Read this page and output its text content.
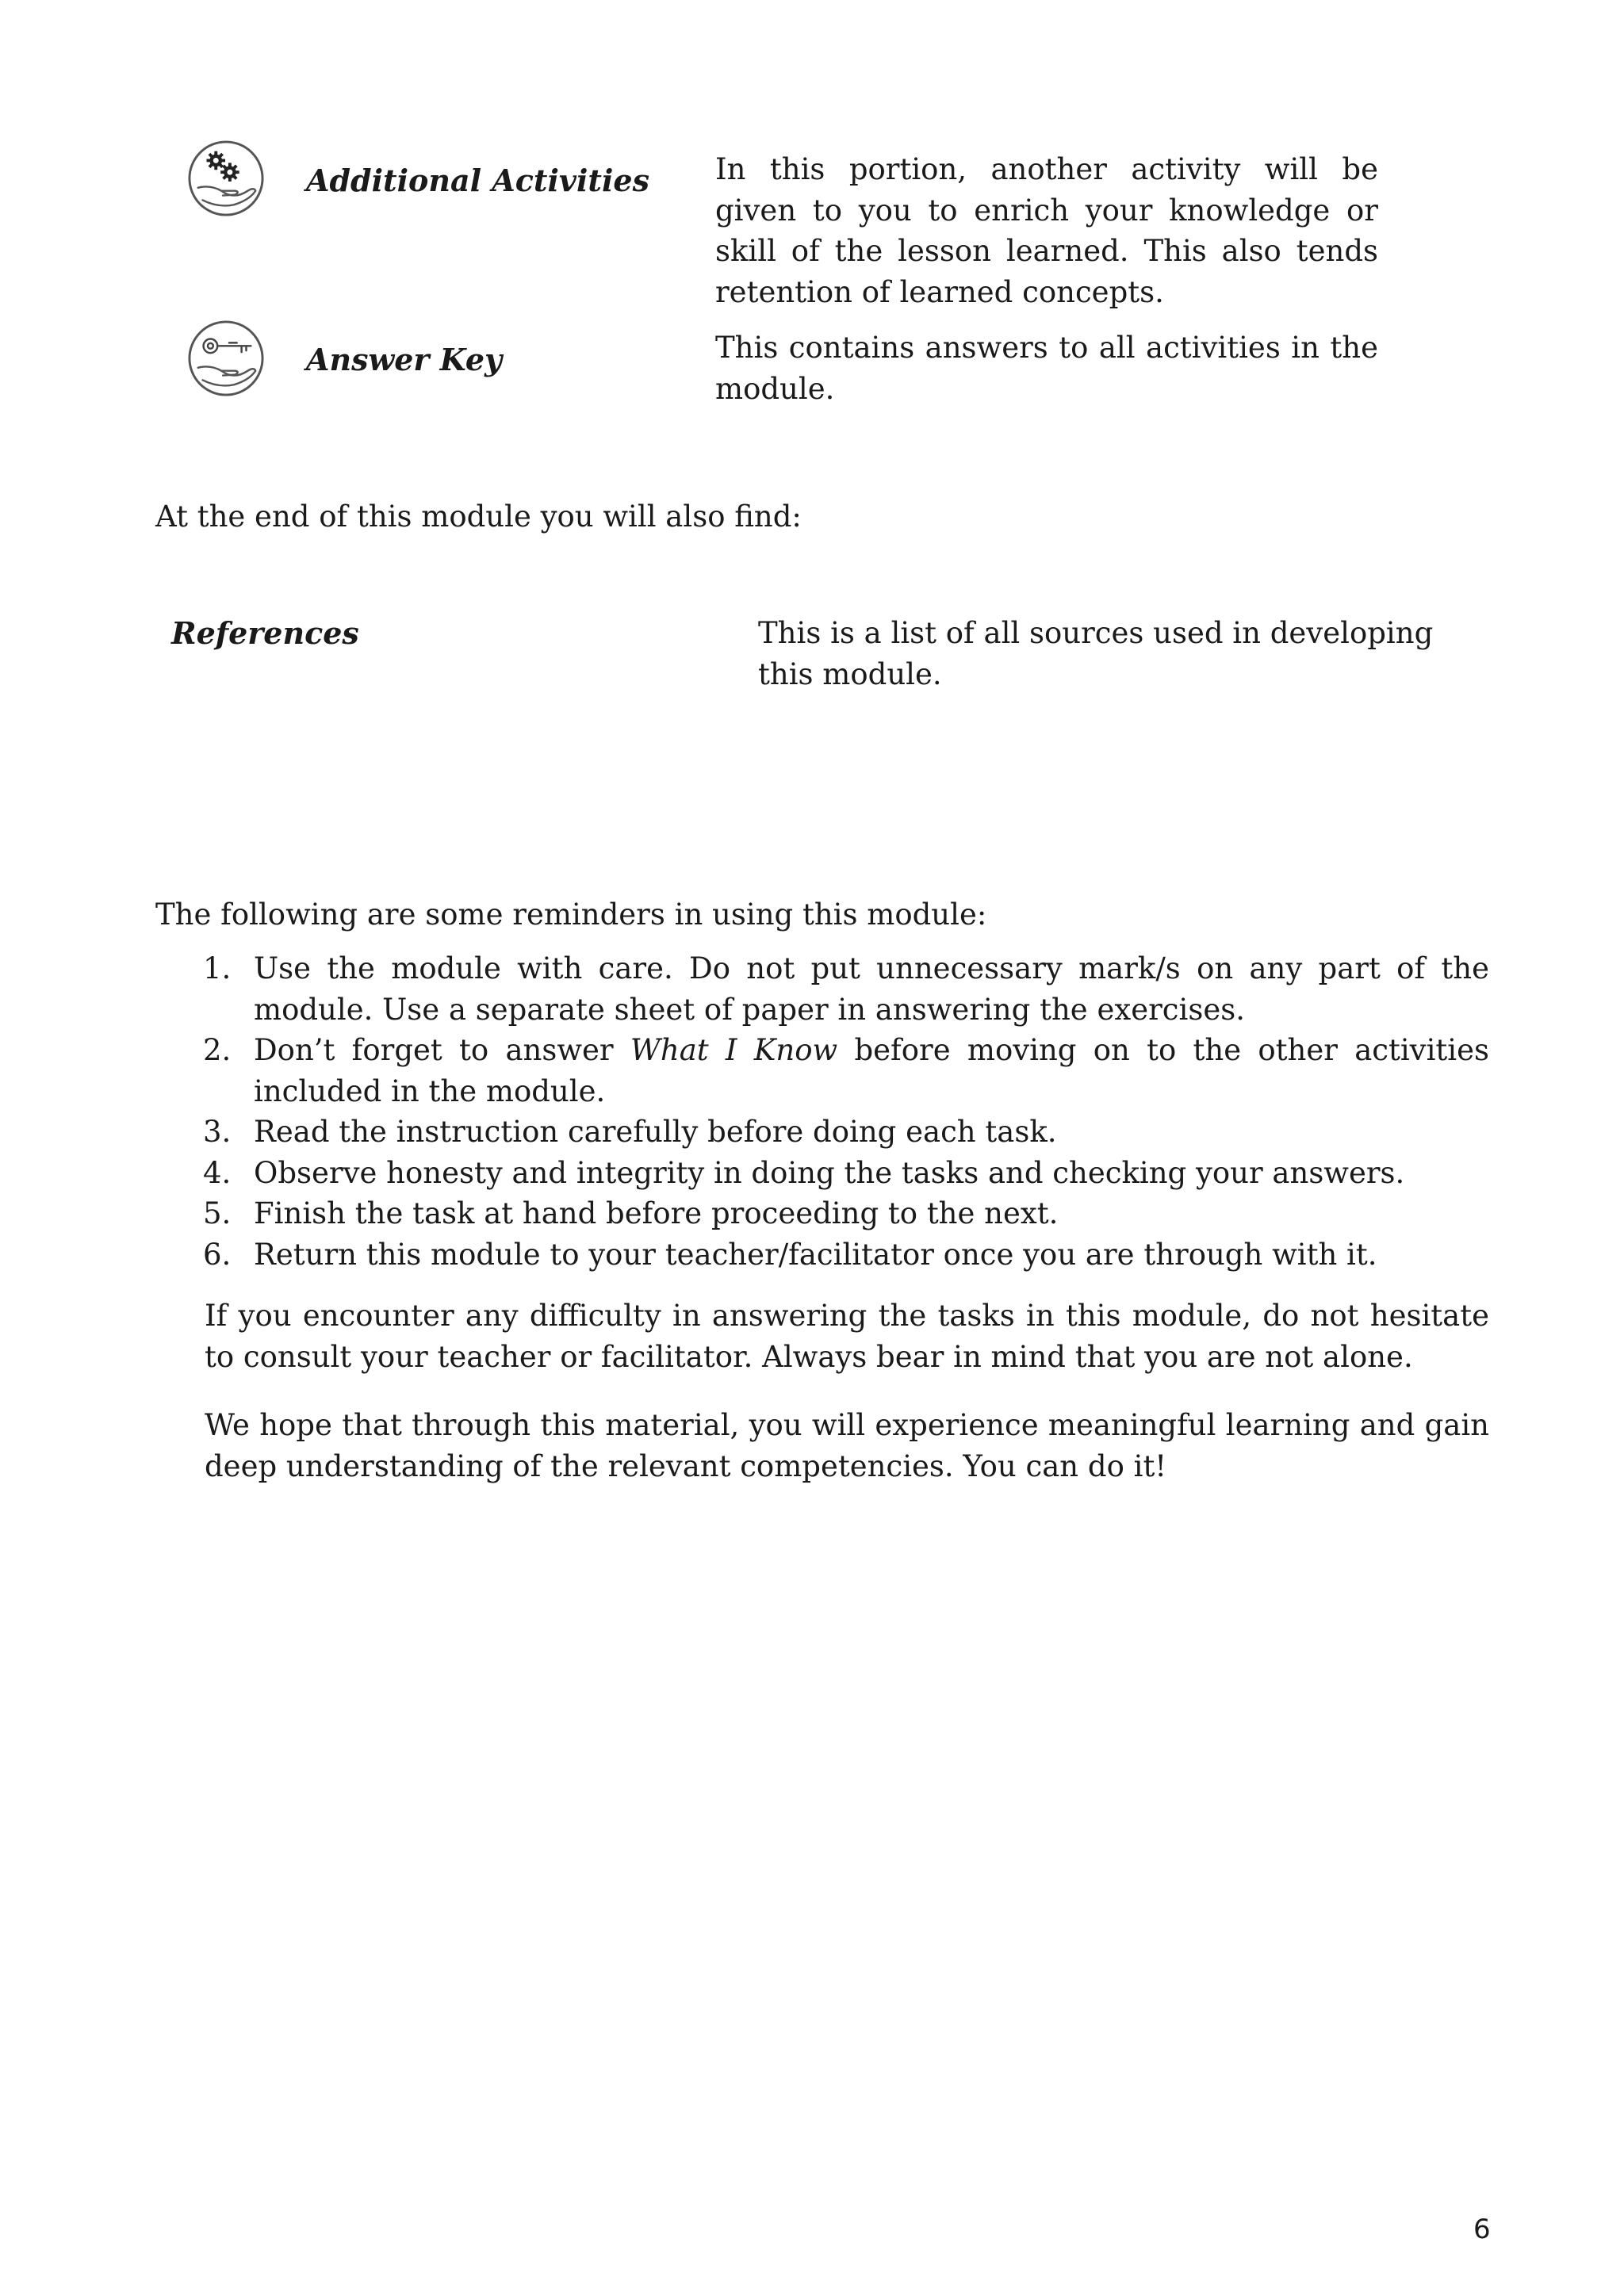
Additional Activities In this portion, another activity will be given to you to enrich your knowledge or skill of the lesson learned. This also tends retention of learned concepts.
Answer Key	This contains answers to all activities in the module.
At the end of this module you will also find:
References	This is a list of all sources used in developing this module.
The following are some reminders in using this module:
1. Use the module with care. Do not put unnecessary mark/s on any part of the module. Use a separate sheet of paper in answering the exercises.
2. Don’t forget to answer What I Know before moving on to the other activities included in the module.
3. Read the instruction carefully before doing each task.
4. Observe honesty and integrity in doing the tasks and checking your answers.
5. Finish the task at hand before proceeding to the next.
6. Return this module to your teacher/facilitator once you are through with it.

If you encounter any difficulty in answering the tasks in this module, do not hesitate to consult your teacher or facilitator. Always bear in mind that you are not alone.

We hope that through this material, you will experience meaningful learning and gain deep understanding of the relevant competencies. You can do it!

6
